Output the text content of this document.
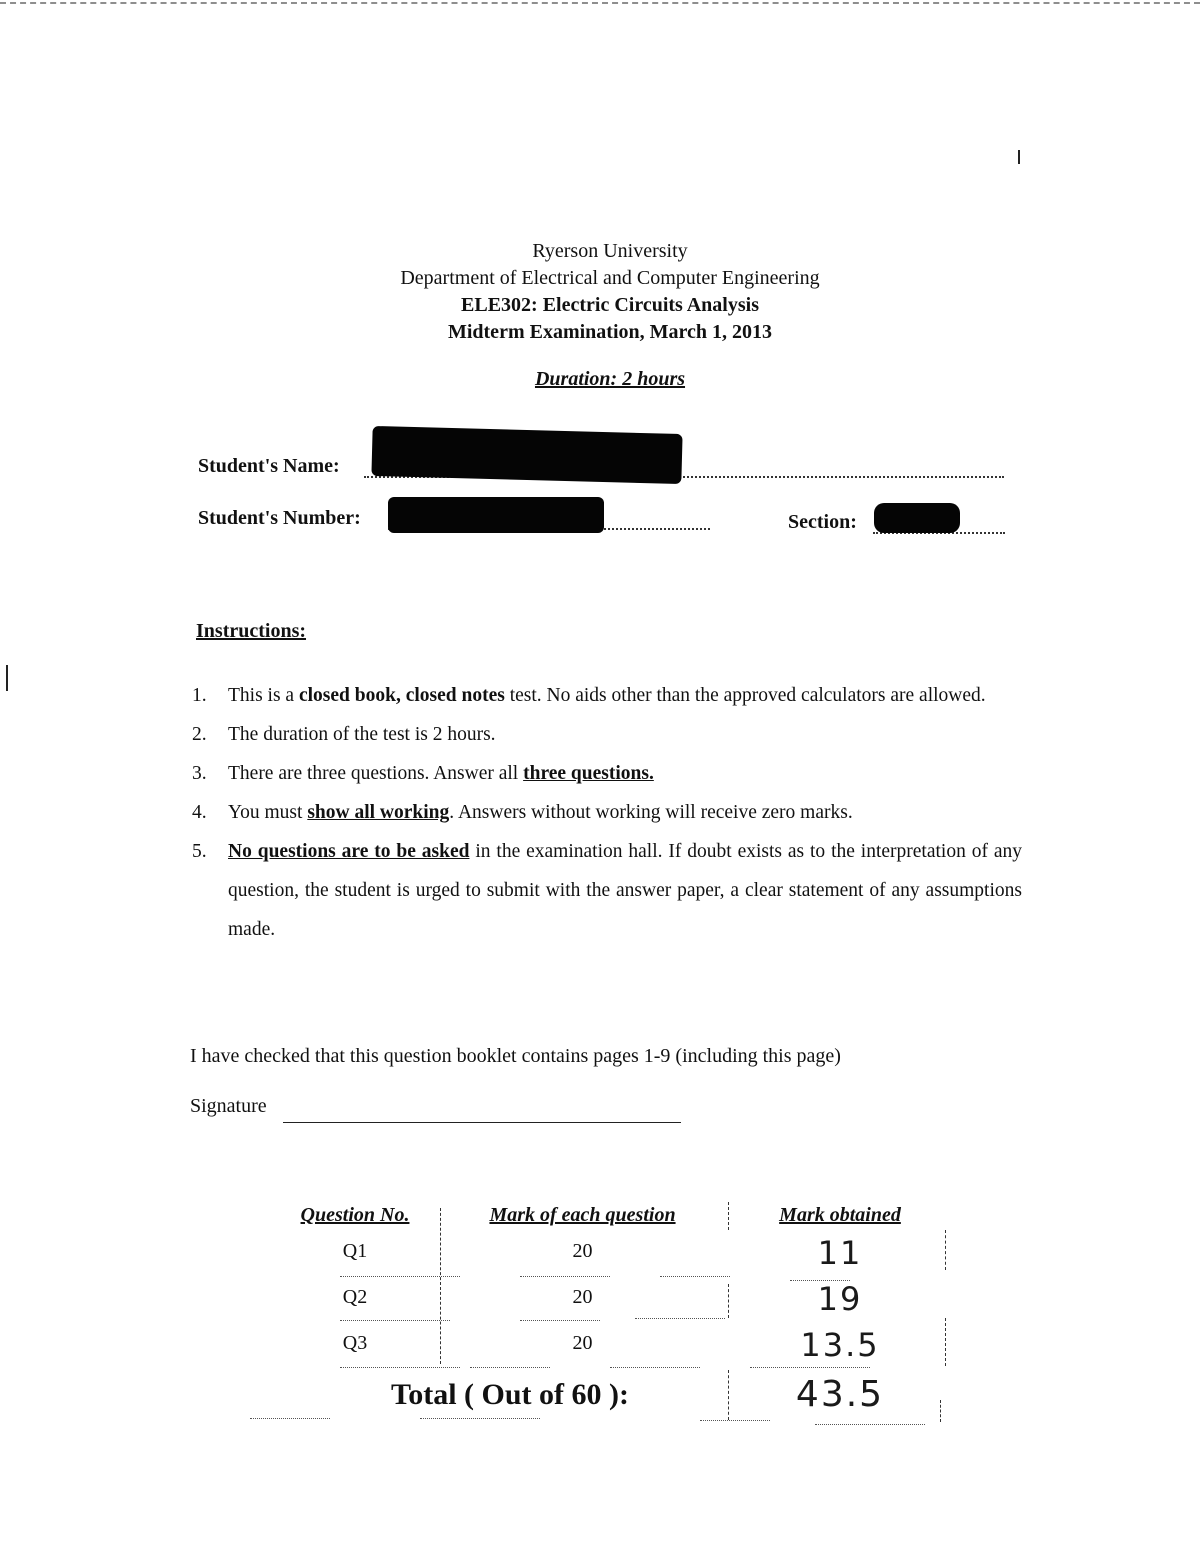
Ryerson University
Department of Electrical and Computer Engineering
ELE302: Electric Circuits Analysis
Midterm Examination, March 1, 2013
Duration: 2 hours
Student's Name:
Student's Number:	Section:
Instructions:
1. This is a closed book, closed notes test. No aids other than the approved calculators are allowed.
2. The duration of the test is 2 hours.
3. There are three questions. Answer all three questions.
4. You must show all working. Answers without working will receive zero marks.
5. No questions are to be asked in the examination hall. If doubt exists as to the interpretation of any question, the student is urged to submit with the answer paper, a clear statement of any assumptions made.
I have checked that this question booklet contains pages 1-9 (including this page)
Signature
Question No.	Mark of each question	Mark obtained
Q1	20	11
Q2	20	19
Q3	20	13.5
Total ( Out of 60 ):	43.5
